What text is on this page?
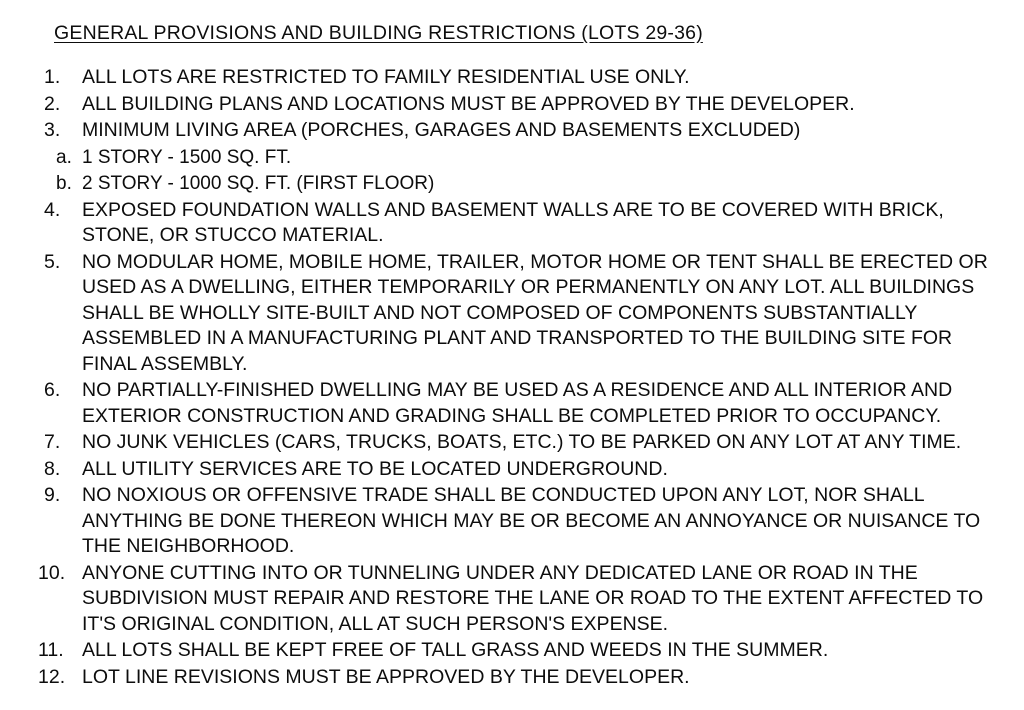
GENERAL PROVISIONS AND BUILDING RESTRICTIONS (LOTS 29-36)
1.	ALL LOTS ARE RESTRICTED TO FAMILY RESIDENTIAL USE ONLY.
2.	ALL BUILDING PLANS AND LOCATIONS MUST BE APPROVED BY THE DEVELOPER.
3.	MINIMUM LIVING AREA (PORCHES, GARAGES AND BASEMENTS EXCLUDED)
a. 1 STORY - 1500 SQ. FT.
b. 2 STORY - 1000 SQ. FT. (FIRST FLOOR)
4.	EXPOSED FOUNDATION WALLS AND BASEMENT WALLS ARE TO BE COVERED WITH BRICK, STONE, OR STUCCO MATERIAL.
5.	NO MODULAR HOME, MOBILE HOME, TRAILER, MOTOR HOME OR TENT SHALL BE ERECTED OR USED AS A DWELLING, EITHER TEMPORARILY OR PERMANENTLY ON ANY LOT. ALL BUILDINGS SHALL BE WHOLLY SITE-BUILT AND NOT COMPOSED OF COMPONENTS SUBSTANTIALLY ASSEMBLED IN A MANUFACTURING PLANT AND TRANSPORTED TO THE BUILDING SITE FOR FINAL ASSEMBLY.
6.	NO PARTIALLY-FINISHED DWELLING MAY BE USED AS A RESIDENCE AND ALL INTERIOR AND EXTERIOR CONSTRUCTION AND GRADING SHALL BE COMPLETED PRIOR TO OCCUPANCY.
7.	NO JUNK VEHICLES (CARS, TRUCKS, BOATS, ETC.) TO BE PARKED ON ANY LOT AT ANY TIME.
8.	ALL UTILITY SERVICES ARE TO BE LOCATED UNDERGROUND.
9.	NO NOXIOUS OR OFFENSIVE TRADE SHALL BE CONDUCTED UPON ANY LOT, NOR SHALL ANYTHING BE DONE THEREON WHICH MAY BE OR BECOME AN ANNOYANCE OR NUISANCE TO THE NEIGHBORHOOD.
10. ANYONE CUTTING INTO OR TUNNELING UNDER ANY DEDICATED LANE OR ROAD IN THE SUBDIVISION MUST REPAIR AND RESTORE THE LANE OR ROAD TO THE EXTENT AFFECTED TO IT'S ORIGINAL CONDITION, ALL AT SUCH PERSON'S EXPENSE.
11. ALL LOTS SHALL BE KEPT FREE OF TALL GRASS AND WEEDS IN THE SUMMER.
12. LOT LINE REVISIONS MUST BE APPROVED BY THE DEVELOPER.
